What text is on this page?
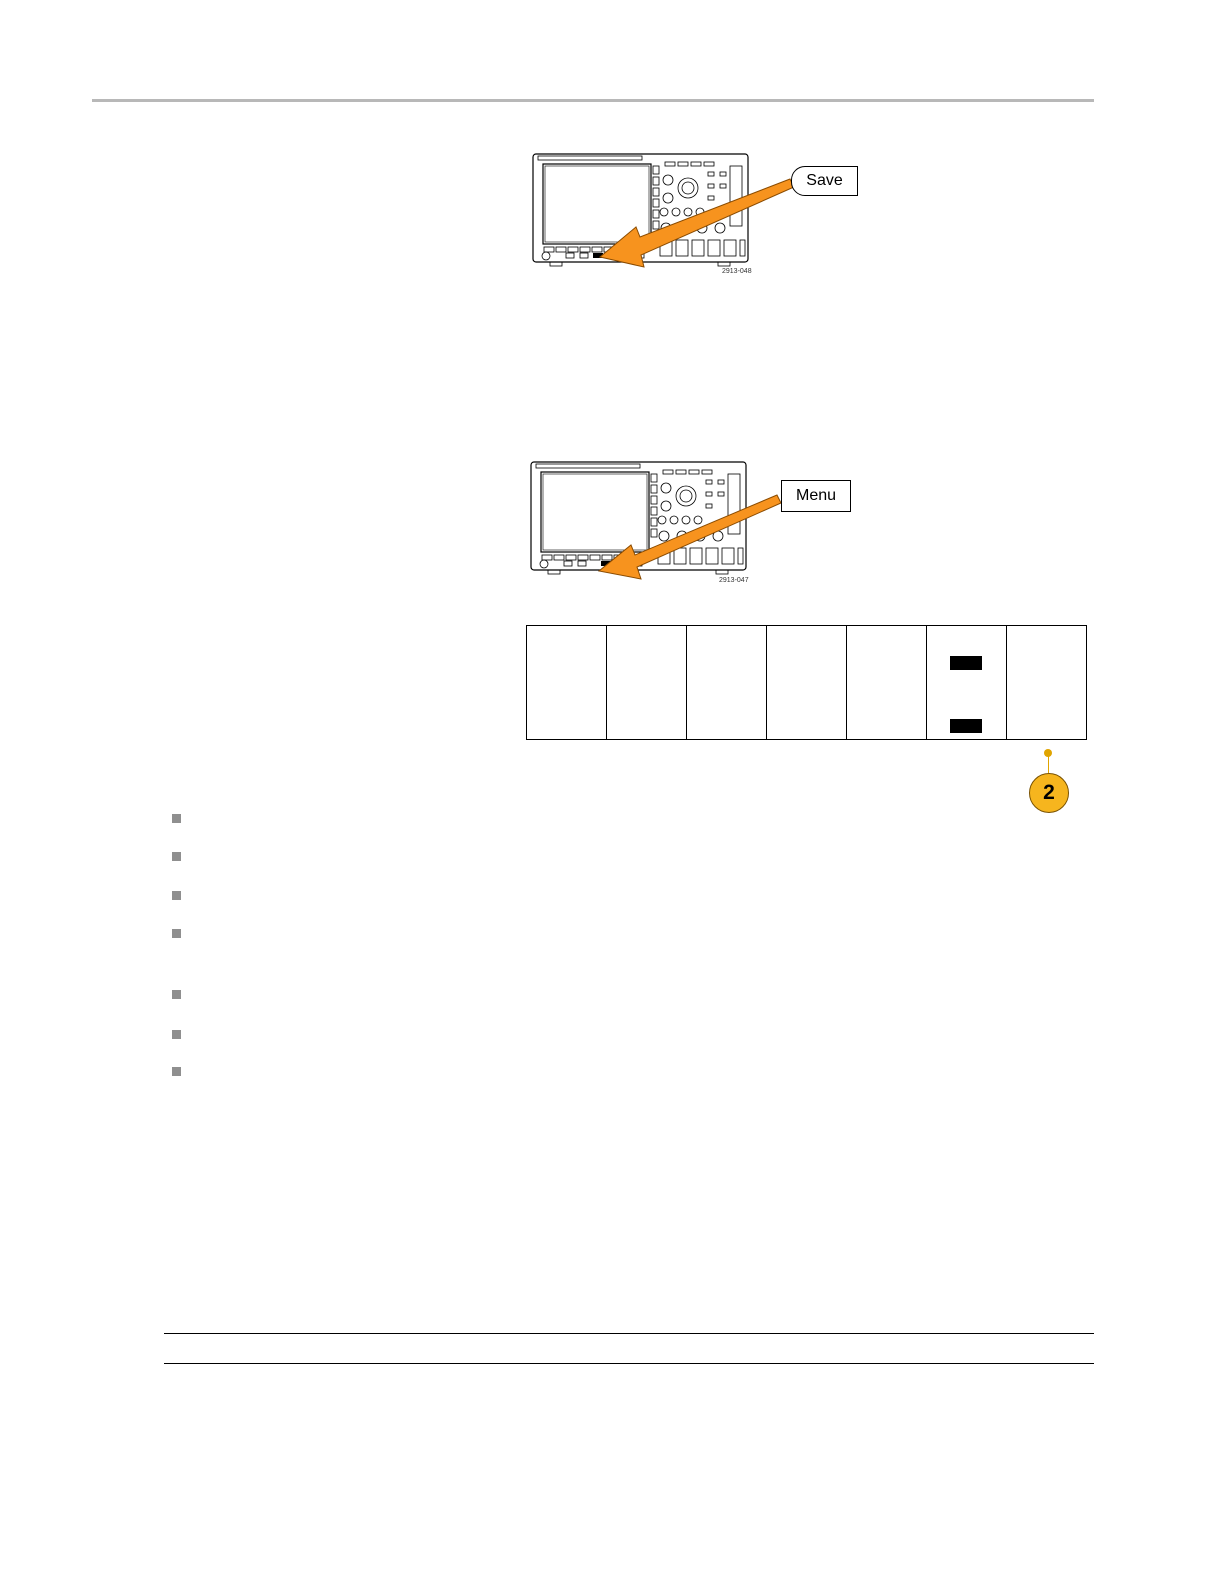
Save
2913-048
Menu
2913-047
2
